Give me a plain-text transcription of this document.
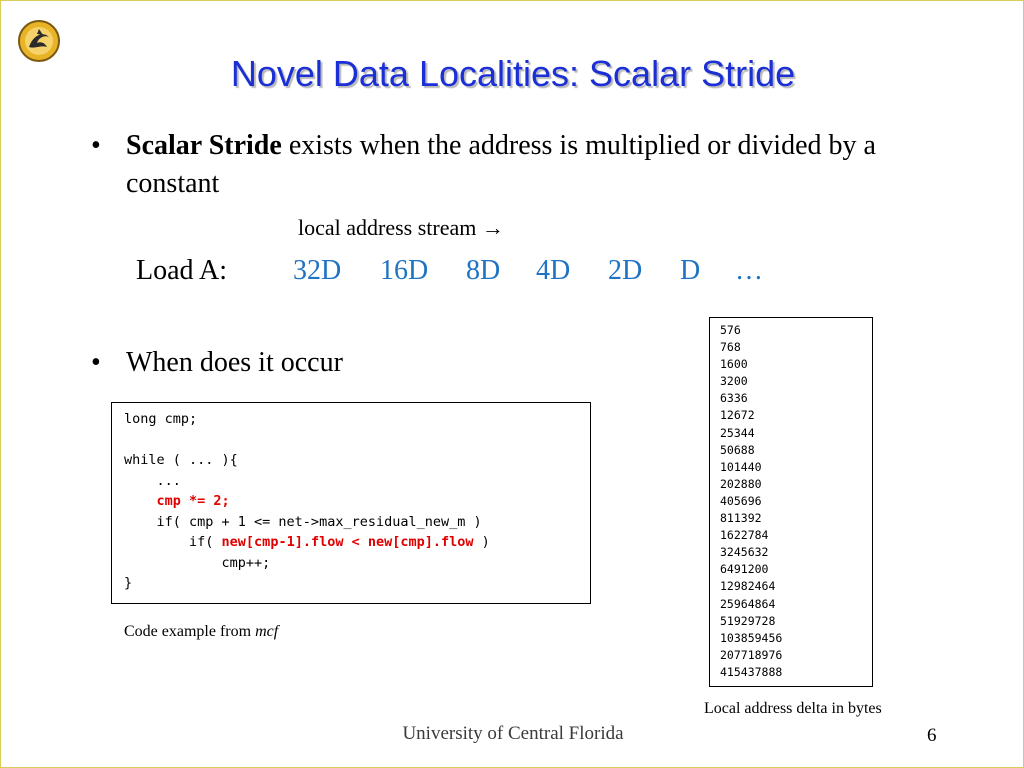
Novel Data Localities: Scalar Stride
• Scalar Stride exists when the address is multiplied or divided by a constant
local address stream →
Load A: 32D 16D 8D 4D 2D D …
• When does it occur
long cmp;

while ( ... ){
...
cmp *= 2;
if( cmp + 1 <= net->max_residual_new_m )
if( new[cmp-1].flow < new[cmp].flow )
cmp++;
}
Code example from mcf
576
768
1600
3200
6336
12672
25344
50688
101440
202880
405696
811392
1622784
3245632
6491200
12982464
25964864
51929728
103859456
207718976
415437888
Local address delta in bytes
University of Central Florida	6
